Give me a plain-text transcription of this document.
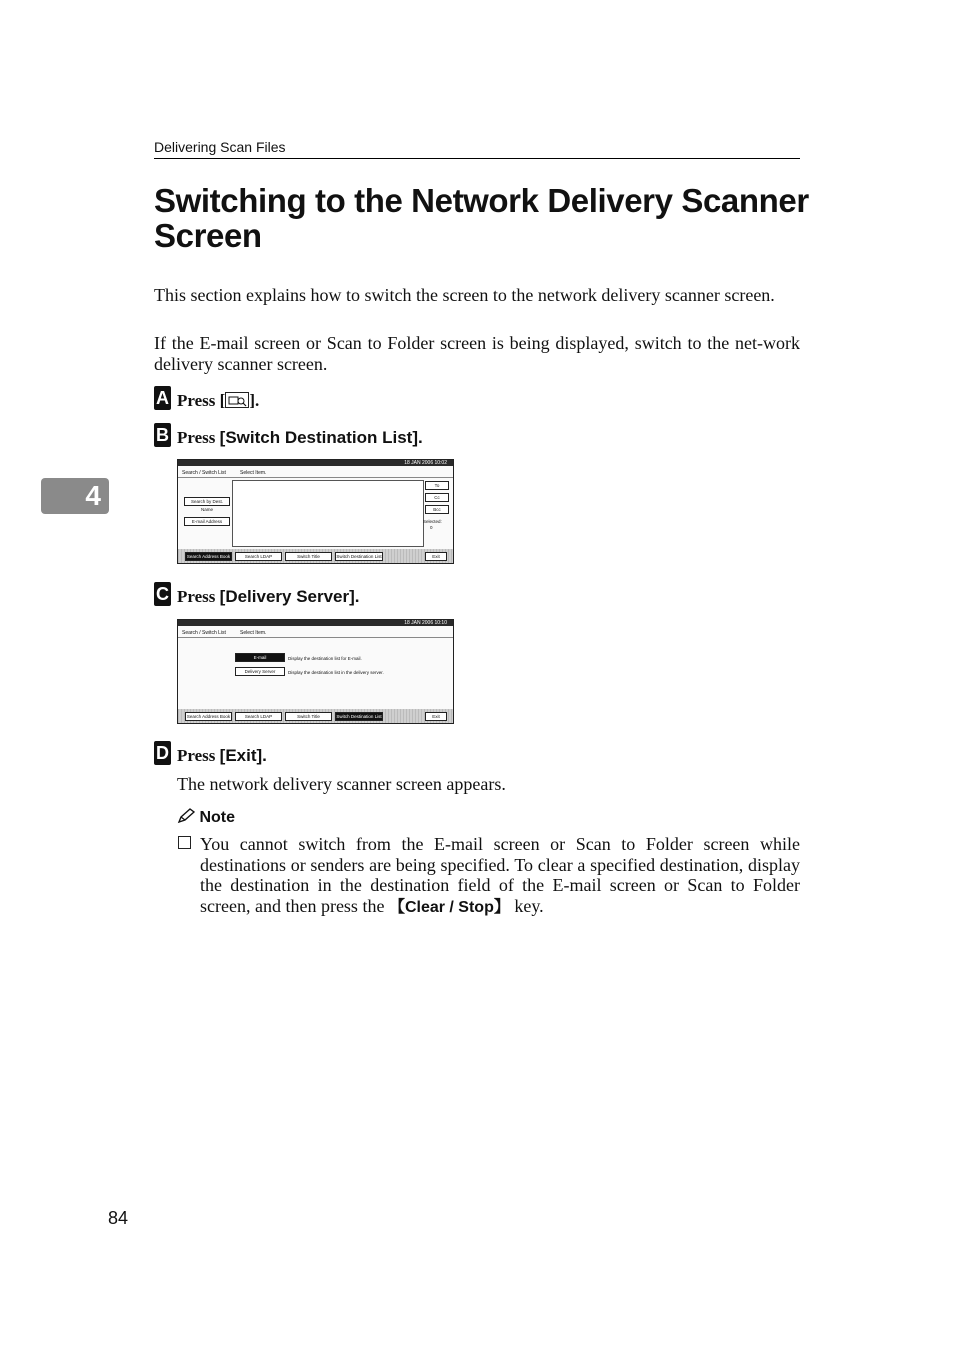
Delivering Scan Files
Switching to the Network Delivery Scanner Screen
This section explains how to switch the screen to the network delivery scanner screen.
If the E-mail screen or Scan to Folder screen is being displayed, switch to the net-work delivery scanner screen.
4
A Press [ ].
B Press [Switch Destination List].
18 JAN 2006 10:02
Search / Switch List	Select Item.
Search by Dest. Name
E-mail Address
To
Cc
Bcc
Selected:
0
Search Address Book	Search LDAP	Switch Title	Switch Destination List	Exit
C Press [Delivery Server].
18 JAN 2006 10:10
Search / Switch List	Select Item.
E-mail	Display the destination list for E-mail.
Delivery Server	Display the destination list in the delivery server.
Search Address Book	Search LDAP	Switch Title	Switch Destination List	Exit
D Press [Exit].
The network delivery scanner screen appears.
Note
You cannot switch from the E-mail screen or Scan to Folder screen while destinations or senders are being specified. To clear a specified destination, display the destination in the destination field of the E-mail screen or Scan to Folder screen, and then press the 【Clear / Stop】 key.
84
